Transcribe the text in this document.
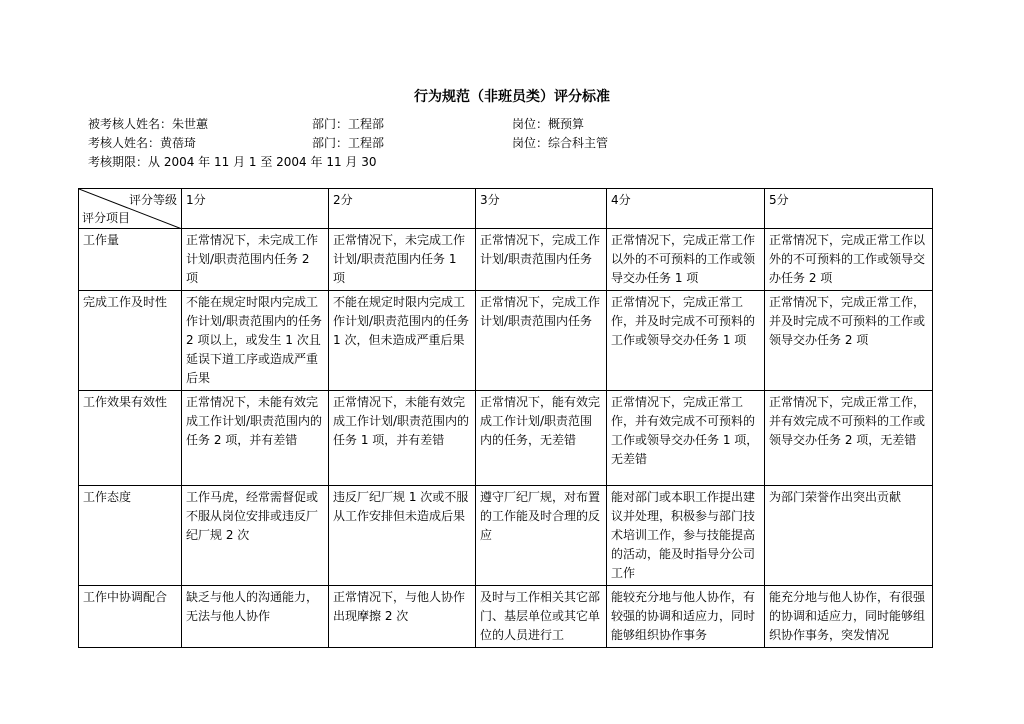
行为规范（非班员类）评分标准
被考核人姓名：朱世蕙	部门：工程部	岗位：概预算
考核人姓名：黄蓓琦	部门：工程部	岗位：综合科主管
考核期限：从 2004 年 11 月 1 至 2004 年 11 月 30
评分等级
评分项目	1分	2分	3分	4分	5分
工作量	正常情况下，未完成工作计划/职责范围内任务 2 项	正常情况下，未完成工作计划/职责范围内任务 1 项	正常情况下，完成工作计划/职责范围内任务	正常情况下，完成正常工作以外的不可预料的工作或领导交办任务 1 项	正常情况下，完成正常工作以外的不可预料的工作或领导交办任务 2 项
完成工作及时性	不能在规定时限内完成工作计划/职责范围内的任务 2 项以上，或发生 1 次且延误下道工序或造成严重后果	不能在规定时限内完成工作计划/职责范围内的任务 1 次，但未造成严重后果	正常情况下，完成工作计划/职责范围内任务	正常情况下，完成正常工作，并及时完成不可预料的工作或领导交办任务 1 项	正常情况下，完成正常工作，并及时完成不可预料的工作或领导交办任务 2 项
工作效果有效性	正常情况下，未能有效完成工作计划/职责范围内的任务 2 项，并有差错	正常情况下，未能有效完成工作计划/职责范围内的任务 1 项，并有差错	正常情况下，能有效完成工作计划/职责范围内的任务，无差错	正常情况下，完成正常工作，并有效完成不可预料的工作或领导交办任务 1 项，无差错	正常情况下，完成正常工作，并有效完成不可预料的工作或领导交办任务 2 项，无差错
工作态度	工作马虎，经常需督促或不服从岗位安排或违反厂纪厂规 2 次	违反厂纪厂规 1 次或不服从工作安排但未造成后果	遵守厂纪厂规，对布置的工作能及时合理的反应	能对部门或本职工作提出建议并处理，积极参与部门技术培训工作，参与技能提高的活动，能及时指导分公司工作	为部门荣誉作出突出贡献
工作中协调配合	缺乏与他人的沟通能力，无法与他人协作	正常情况下，与他人协作出现摩擦 2 次	及时与工作相关其它部门、基层单位或其它单位的人员进行工	能较充分地与他人协作，有较强的协调和适应力，同时能够组织协作事务	能充分地与他人协作，有很强的协调和适应力，同时能够组织协作事务，突发情况
